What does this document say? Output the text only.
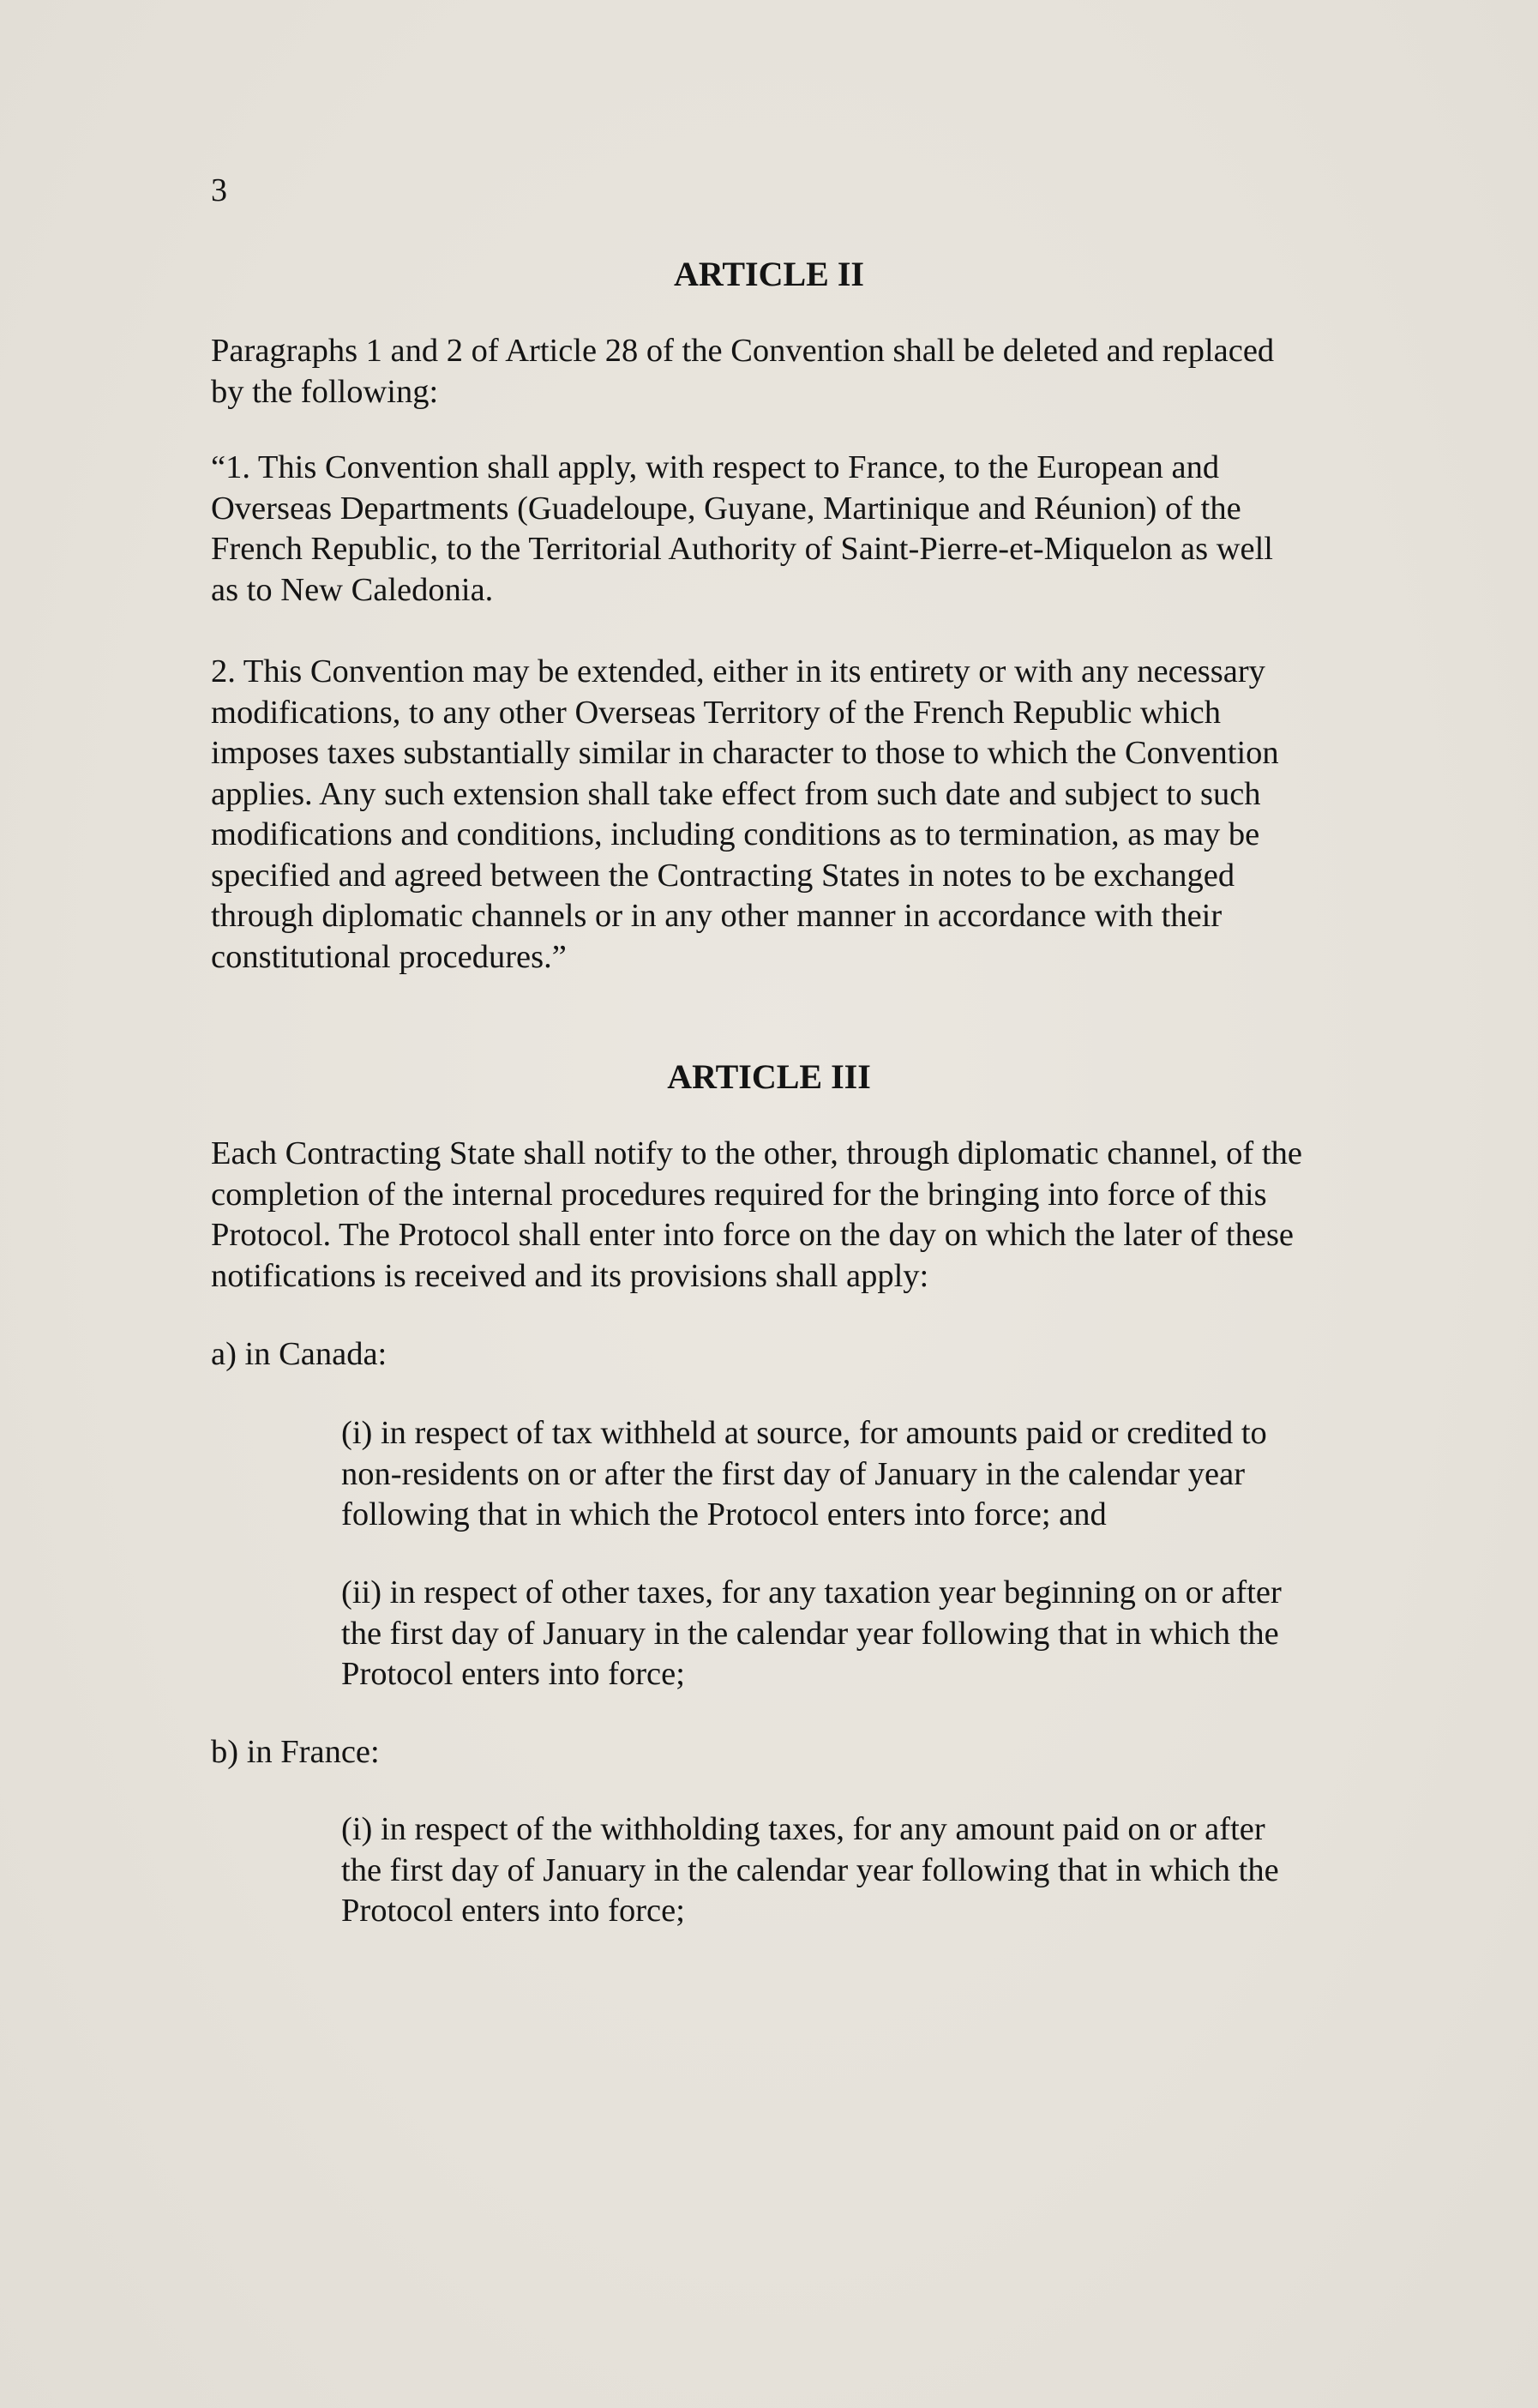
3

ARTICLE II

Paragraphs 1 and 2 of Article 28 of the Convention shall be deleted and replaced
by the following:

“1. This Convention shall apply, with respect to France, to the European and
Overseas Departments (Guadeloupe, Guyane, Martinique and Réunion) of the
French Republic, to the Territorial Authority of Saint-Pierre-et-Miquelon as well
as to New Caledonia.

2. This Convention may be extended, either in its entirety or with any necessary
modifications, to any other Overseas Territory of the French Republic which
imposes taxes substantially similar in character to those to which the Convention
applies. Any such extension shall take effect from such date and subject to such
modifications and conditions, including conditions as to termination, as may be
specified and agreed between the Contracting States in notes to be exchanged
through diplomatic channels or in any other manner in accordance with their
constitutional procedures.”

ARTICLE III

Each Contracting State shall notify to the other, through diplomatic channel, of the
completion of the internal procedures required for the bringing into force of this
Protocol. The Protocol shall enter into force on the day on which the later of these
notifications is received and its provisions shall apply:

a) in Canada:

(i) in respect of tax withheld at source, for amounts paid or credited to
non-residents on or after the first day of January in the calendar year
following that in which the Protocol enters into force; and

(ii) in respect of other taxes, for any taxation year beginning on or after
the first day of January in the calendar year following that in which the
Protocol enters into force;

b) in France:

(i) in respect of the withholding taxes, for any amount paid on or after
the first day of January in the calendar year following that in which the
Protocol enters into force;
